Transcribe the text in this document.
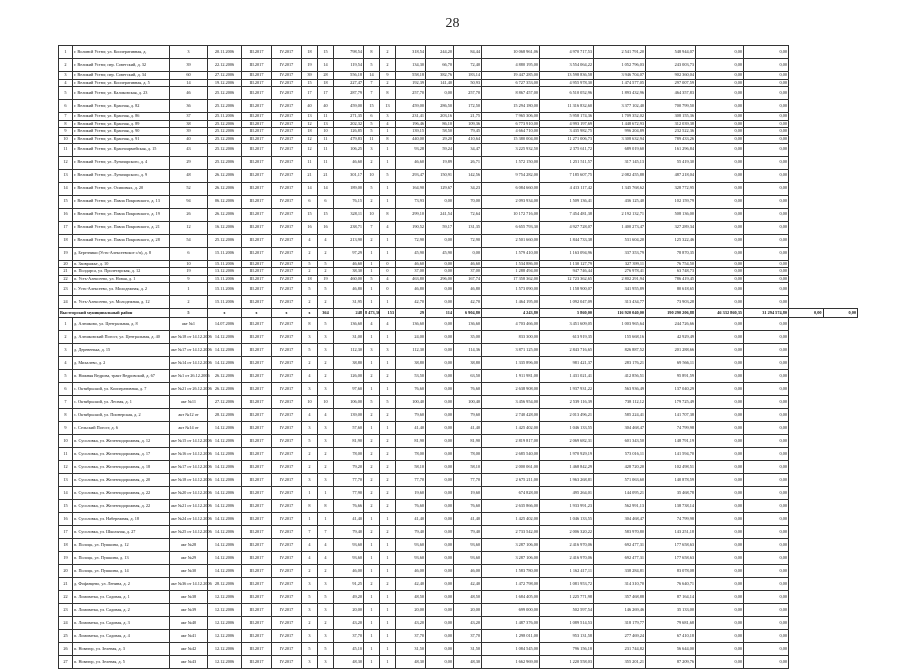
28
1	г. Волинсй Устюг, ул. Кооперативная, д.	3	20.11.2006	III.2017	IV.2017	18	15	798,54	8	2	318,54	244,20	84,44	10 068 961,06	4 970 717,53	2 541 791,20	548 944,07	0,00	0,00		
2	г. Великий Устюг, пер. Советский, д. 32	39	22.12.2006	III.2017	IV.2017	19	14	119,54	5	2	134,30	66,70	72,40	4 880 195,00	3 554 064,22	1 052 796,03	243 003,73	0,00	0,00		
3	г. Великий Устюг, пер. Советский, д. 34	60	27.12.2006	III.2017	IV.2017	39	28	556,18	14	9	558,18	382,76	183,14	19 447 285,00	13 598 836,58	3 946 704,07	902 360,04	0,00	0,00		
4	г. Великий Устюг, ул. Кооперативная, д. 5	14	19.12.2006	III.2017	IV.2017	15	18	227,47	7	2	192,39	141,40	50,93	6 727 353,00	4 955 978,30	1 474 577,05	297 007,59	0,00	0,00		
5	г. Великий Устюг, ул. Каликовская, д. 23	46	25.12.2006	III.2017	IV.2017	17	17	287,79	7	8	257,70	0,00	257,70	8 867 457,00	6 510 052,96	1 893 432,96	464 357,83	0,00	0,00		
6	г. Великий Устюг, ул. Красная, д. 82	36	25.12.2006	III.2017	IV.2017	40	40	459,00	15	13	459,00	286,50	172,50	15 294 180,00	11 316 832,60	3 377 102,40	700 799,50	0,00	0,00		
7	г. Великий Устюг, ул. Красная, д. 86	37	25.11.2006	III.2017	IV.2017	13	11	271,35	6	3	231,41	203,16	21,75	7 965 306,00	5 958 174,36	1 709 352,02	308 155,36	0,00	0,00		
8	г. Великий Устюг, ул. Красная, д. 89	38	25.12.2006	III.2017	IV.2017	12	13	202,32	5	4	196,46	86,10	109,36	6 773 910,00	4 993 197,69	1 448 672,93	312 039,38	0,00	0,00		
9	г. Великий Устюг, ул. Красная, д. 90	39	25.12.2006	III.2017	IV.2017	18	10	126,85	5	1	139,15	58,50	79,45	4 664 710,00	3 435 982,75	996 204,89	232 522,36	0,00	0,00		
10	г. Великий Устюг, ул. Красная, д. 91	40	25.12.2006	III.2017	IV.2017	12	11	479,83	11	8	440,00	29,20	410,64	15 380 004,00	11 271 006,73	3 308 632,94	789 433,26	0,00	0,00		
11	г. Великий Устюг, ул. Красноармейская, д. 15	43	25.12.2006	III.2017	IV.2017	12	11	106,25	3	1	93,28	59,24	34,47	3 225 932,50	2 375 611,72	689 019,60	161 296,84	0,00	0,00		
12	г. Великий Устюг, ул. Луначарского, д. 4	29	25.12.2006	III.2017	IV.2017	11	11	46,60	2	1	46,60	19,89	26,71	1 572 150,00	1 251 511,57	317 145,13	55 419,30	0,00	0,00		
13	г. Великий Устюг, ул. Луначарского, д. 9	48	26.12.2006	III.2017	IV.2017	21	21	301,17	10	5	293,47	150,91	142,56	9 754 282,00	7 185 607,75	2 082 455,88	487 218,04	0,00	0,00		
14	г. Великий Устюг, ул. Осиповых, д. 20	52	26.12.2006	III.2017	IV.2017	14	14	189,00	5	1	164,90	129,67	34,23	6 084 660,00	4 413 117,42	1 345 768,62	328 772,95	0,00	0,00		
15	г. Великий Устюг, ул. Павла Покровского, д. 13	94	06.12.2006	III.2017	IV.2017	6	6	76,15	2	1	73,93	0,00	70,00	2 093 934,00	1 509 136,41	436 125,40	102 159,79	0,00	0,00		
16	г. Великий Устюг, ул. Павла Покровского, д. 19	26	26.12.2006	III.2017	IV.2017	15	15	328,11	10	8	299,10	241,54	72,64	10 172 716,00	7 454 481,38	2 192 132,71	508 136,00	0,00	0,00		
17	г. Великий Устюг, ул. Павла Покровского, д. 21	12	16.12.2006	III.2017	IV.2017	16	16	238,71	7	4	190,52	59,17	131,35	6 655 793,30	4 927 728,07	1 400 273,47	327 289,34	0,00	0,00		
18	г. Великий Устюг, ул. Павла Покровского, д. 28	54	25.12.2006	III.2017	IV.2017	4	4	213,90	2	1	72,90	0,00	72,90	2 501 660,00	1 844 733,38	531 604,20	125 322,46	0,00	0,00		
19	д. Березники (Усть-Алексеевское с/п), д. 8	6	15.11.2006	III.2017	IV.2017	2	2	97,29	1	1	45,90	45,90	0,00	1 579 410,00	1 163 094,96	337 353,79	78 870,35	0,00	0,00		
20	п. Заовражье, д. 10	10	15.11.2006	III.2017	IV.2017	5	5	46,60	1	0	46,60	0,00	46,60	1 534 886,00	1 130 127,79	327 399,11	76 754,50	0,00	0,00		
21	п. Полдарса, ул. Пролетарская, д. 12	19	13.12.2006	III.2017	IV.2017	2	2	38,30	1	0	37,00	0,00	37,00	1 288 494,00	947 746,44	276 978,41	63 748,73	0,00	0,00		
22	п. Усть-Алексеево, ул. Новая, д. 1	9	15.11.2006	III.2017	IV.2017	18	19	460,00	5	4	463,80	296,00	167,74	17 358 362,00	12 723 362,65	2 802 291,94	786 419,45	0,00	0,00		
23	с. Усть-Алексеево, ул. Молодежная, д. 2	1	15.11.2006	III.2017	IV.2017	5	5	46,80	1	0	46,80	0,00	46,80	1 573 090,00	1 158 900,07	341 955,89	80 618,65	0,00	0,00		
24	п. Усть-Алексеево, ул. Молодежная, д. 12	2	15.11.2006	III.2017	IV.2017	2	2	31,95	1	1	42,70	0,00	42,70	1 464 195,00	1 092 047,09	313 434,77	73 903,28	0,00	0,00		
Выстгорский муниципальный район		5	x	x	x	x	364	248	8 473,36	153	29	114	6 904,80	4 243,80	5 860,00	116 920 040,00	190 290 206,88	46 332 860,35	31 294 574,80	0,00	0,00
1	д. Алешково, ул. Центральная, д. 8	акт №1	14.07.2006	III.2017	IV.2017	8	5	136,60	4	4	136,60	0,00	136,60	4 703 466,00	3 451 609,05	1 003 965,64	244 726,66	0,00	0,00		
2	д. Алешковский Погост, ул. Центральная, д. 40	акт №18 от 14.12.2006	14.12.2006	III.2017	IV.2017	3	3	31,00	1	1	24,00	0,00	35,00	833 300,00	613 919,35	155 668,16	42 929,49	0,00	0,00		
3	д. Деревенька, д. 15	акт №17 от 14.12.2006	14.12.2006	III.2017	IV.2017	5	3	112,30	3	3	112,30	0,00	114,36	3 871 125,00	2 843 716,65	826 887,52	201 288,66	0,00	0,00		
4	д. Михалево, д. 2	акт №14 от 14.12.2006	14.12.2006	III.2017	IV.2017	2	2	38,80	1	1	38,80	0,00	38,80	1 335 896,00	981 421,37	283 176,21	69 566,11	0,00	0,00		
5	п. Нижняя Ведрова, тракт Ведровский, д. 67	акт №1 от 26.12.2006	26.12.2006	III.2017	IV.2017	4	2	126,00	2	2	53,50	0,00	63,50	1 911 981,00	1 431 021,41	412 856,51	95 891,59	0,00	0,00		
6	с. Октябрьский, ул. Кооперативная, д. 7	акт №21 от 26.12.2006	26.12.2006	III.2017	IV.2017	3	3	97,60	1	1	76,60	0,00	76,60	2 638 908,00	1 937 931,22	563 936,49	137 040,29	0,00	0,00		
7	с. Октябрьский, ул. Лесная, д. 1	акт №11	27.12.2006	III.2017	IV.2017	10	10	106,00	5	5	100,40	0,00	100,40	3 456 954,00	2 539 116,39	738 112,12	179 725,49	0,00	0,00		
8	с. Октябрьский, ул. Пионерская, д. 2	акт №12 от	28.12.2006	III.2017	IV.2017	4	4	139,00	2	2	79,60	0,00	79,60	2 740 428,00	2 013 496,21	585 224,41	141 707,38	0,00	0,00		
9	с. Сельский Погост, д. 6	акт №14 от	14.12.2006	III.2017	IV.2017	3	3	57,60	1	1	41,40	0,00	41,40	1 425 402,00	1 046 133,55	304 468,47	74 799,98	0,00	0,00		
10	п. Сусоловка, ул. Железнодорожная, д. 12	акт №15 от 14.12.2006	14.12.2006	III.2017	IV.2017	5	3	81,90	2	2	81,90	0,00	81,90	2 819 817,00	2 069 682,31	601 343,50	148 791,19	0,00	0,00		
11	п. Сусоловка, ул. Железнодорожная, д. 17	акт №16 от 14.12.2006	14.12.2006	III.2017	IV.2017	2	2	78,00	2	2	78,00	0,00	78,00	2 685 540,00	1 970 929,19	573 016,11	141 594,70	0,00	0,00		
12	п. Сусоловка, ул. Железнодорожная, д. 18	акт №17 от 14.12.2006	14.12.2006	III.2017	IV.2017	2	2	79,20	2	2	58,10	0,00	58,10	2 000 061,00	1 468 842,29	428 720,20	102 498,51	0,00	0,00		
13	п. Сусоловка, ул. Железнодорожная, д. 20	акт №18 от 14.12.2006	14.12.2006	III.2017	IV.2017	3	3	77,70	2	2	77,70	0,00	77,70	2 675 211,00	1 963 268,81	571 063,60	140 878,59	0,00	0,00		
14	п. Сусоловка, ул. Железнодорожная, д. 22	акт №20 от 14.12.2006	14.12.2006	III.2017	IV.2017	1	1	77,90	2	2	19,60	0,00	19,60	674 828,00	495 264,01	144 095,21	35 468,78	0,00	0,00		
15	п. Сусоловка, ул. Железнодорожная, д. 22	акт №21 от 14.12.2006	14.12.2006	III.2017	IV.2017	8	8	76,66	2	2	76,60	0,00	76,60	2 635 866,00	1 933 991,23	562 991,13	138 738,14	0,00	0,00		
16	п. Сусоловка, ул. Набережная, д. 18	акт №24 от 14.12.2006	14.12.2006	III.2017	IV.2017	1	1	41,40	1	1	41,40	0,00	41,40	1 425 402,00	1 046 133,55	304 468,47	74 799,98	0,00	0,00		
17	п. Сусоловка, ул. Школьная, д. 27	акт №25 от 14.12.2006	14.12.2006	III.2017	IV.2017	7	7	79,40	2	2	79,40	0,00	79,40	2 733 542,00	2 006 320,22	583 970,80	143 251,18	0,00	0,00		
18	п. Полоцк, ул. Пушкина, д. 12	акт №28	14.12.2006	III.2017	IV.2017	4	4	93,60	1	1	93,60	0,00	93,60	3 287 106,00	2 416 970,06	692 477,31	177 658,63	0,00	0,00		
19	п. Полоцк, ул. Пушкина, д. 13	акт №29	14.12.2006	III.2017	IV.2017	4	4	93,60	1	1	93,60	0,00	93,60	3 287 106,00	2 416 970,06	692 477,31	177 658,63	0,00	0,00		
20	п. Полоцк, ул. Пушкина, д. 14	акт №30	14.12.2006	III.2017	IV.2017	2	2	46,00	1	1	46,00	0,00	46,00	1 583 780,00	1 162 417,11	338 284,81	83 078,08	0,00	0,00		
21	д. Фофанцево, ул. Ленина, д. 2	акт №36 от 14.12.2006	28.12.2006	III.2017	IV.2017	3	3	91,25	2	2	42,40	0,00	42,40	1 472 798,00	1 081 953,72	314 310,70	76 640,71	0,00	0,00		
22	п. Ломоватка, ул. Садовая, д. 1	акт №38	12.12.2006	III.2017	IV.2017	5	5	49,20	1	1	48,50	0,00	48,50	1 684 405,00	1 225 771,98	357 468,88	87 164,14	0,00	0,00		
23	п. Ломоватка, ул. Садовая, д. 2	акт №39	12.12.2006	III.2017	IV.2017	3	3	20,00	1	1	20,00	0,00	20,00	699 000,00	502 597,54	146 269,46	35 133,00	0,00	0,00		
24	п. Ломоватка, ул. Садовая, д. 3	акт №40	12.12.2006	III.2017	IV.2017	2	2	43,20	1	1	43,20	0,00	43,20	1 487 376,00	1 089 514,53	318 179,77	79 681,68	0,00	0,00		
25	п. Ломоватка, ул. Садовая, д. 4	акт №41	12.12.2006	III.2017	IV.2017	3	3	37,70	1	1	37,70	0,00	37,70	1 298 011,00	953 131,58	277 469,24	67 410,18	0,00	0,00		
26	п. Новатор, ул. Зеленая, д. 3	акт №42	12.12.2006	III.2017	IV.2017	5	5	45,10	1	1	31,50	0,00	31,50	1 084 545,00	796 156,18	231 744,82	56 644,00	0,00	0,00		
27	п. Новатор, ул. Зеленая, д. 5	акт №43	12.12.2006	III.2017	IV.2017	3	3	48,30	1	1	48,30	0,00	48,30	1 662 969,00	1 220 558,03	355 201,21	87 209,76	0,00	0,00		
